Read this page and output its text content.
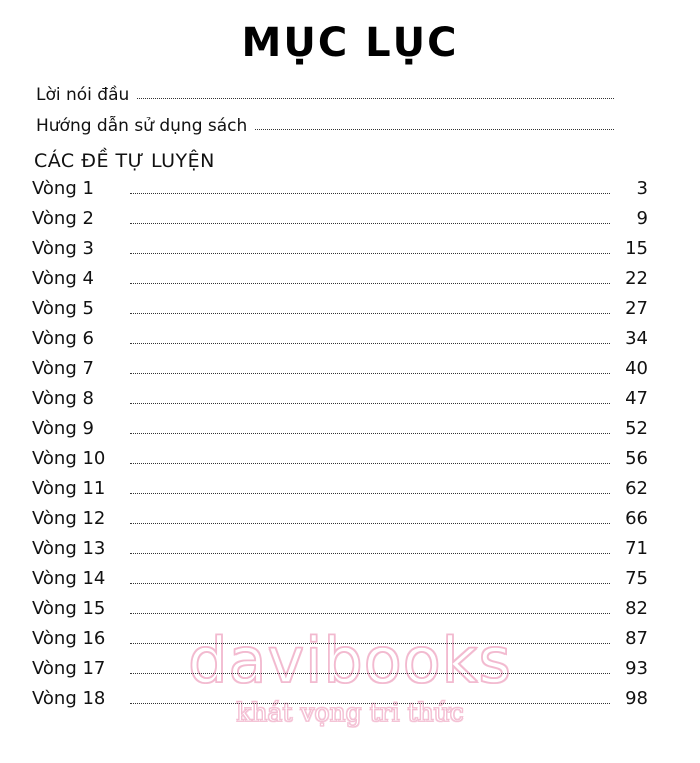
davibooks
khát vọng tri thức
MỤC LỤC
Lời nói đầu
Hướng dẫn sử dụng sách
CÁC ĐỀ TỰ LUYỆN
Vòng 1	3
Vòng 2	9
Vòng 3	15
Vòng 4	22
Vòng 5	27
Vòng 6	34
Vòng 7	40
Vòng 8	47
Vòng 9	52
Vòng 10	56
Vòng 11	62
Vòng 12	66
Vòng 13	71
Vòng 14	75
Vòng 15	82
Vòng 16	87
Vòng 17	93
Vòng 18	98
